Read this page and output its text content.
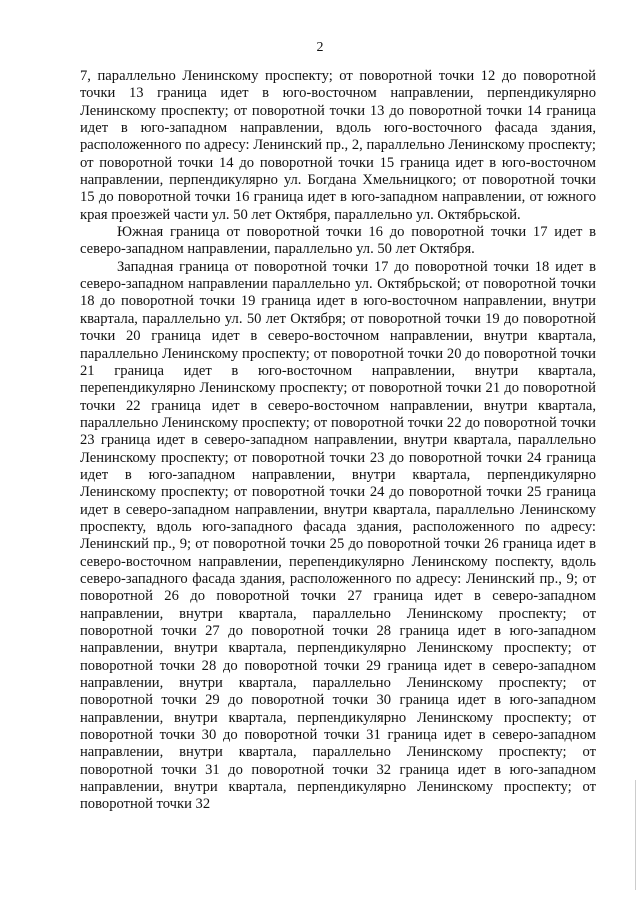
2

7, параллельно Ленинскому проспекту; от поворотной точки 12 до поворотной точки 13 граница идет в юго-восточном направлении, перпендикулярно Ленинскому проспекту; от поворотной точки 13 до поворотной точки 14 граница идет в юго-западном направлении, вдоль юго-восточного фасада здания, расположенного по адресу: Ленинский пр., 2, параллельно Ленинскому проспекту; от поворотной точки 14 до поворотной точки 15 граница идет в юго-восточном направлении, перпендикулярно ул. Богдана Хмельницкого; от поворотной точки 15 до поворотной точки 16 граница идет в юго-западном направлении, от южного края проезжей части ул. 50 лет Октября, параллельно ул. Октябрьской.

Южная граница от поворотной точки 16 до поворотной точки 17 идет в северо-западном направлении, параллельно ул. 50 лет Октября.

Западная граница от поворотной точки 17 до поворотной точки 18 идет в северо-западном направлении параллельно ул. Октябрьской; от поворотной точки 18 до поворотной точки 19 граница идет в юго-восточном направлении, внутри квартала, параллельно ул. 50 лет Октября; от поворотной точки 19 до поворотной точки 20 граница идет в северо-восточном направлении, внутри квартала, параллельно Ленинскому проспекту; от поворотной точки 20 до поворотной точки 21 граница идет в юго-восточном направлении, внутри квартала, перепендикулярно Ленинскому проспекту; от поворотной точки 21 до поворотной точки 22 граница идет в северо-восточном направлении, внутри квартала, параллельно Ленинскому проспекту; от поворотной точки 22 до поворотной точки 23 граница идет в северо-западном направлении, внутри квартала, параллельно Ленинскому проспекту; от поворотной точки 23 до поворотной точки 24 граница идет в юго-западном направлении, внутри квартала, перпендикулярно Ленинскому проспекту; от поворотной точки 24 до поворотной точки 25 граница идет в северо-западном направлении, внутри квартала, параллельно Ленинскому проспекту, вдоль юго-западного фасада здания, расположенного по адресу: Ленинский пр., 9; от поворотной точки 25 до поворотной точки 26 граница идет в северо-восточном направлении, перепендикулярно Ленинскому поспекту, вдоль северо-западного фасада здания, расположенного по адресу: Ленинский пр., 9; от поворотной 26 до поворотной точки 27 граница идет в северо-западном направлении, внутри квартала, параллельно Ленинскому проспекту; от поворотной точки 27 до поворотной точки 28 граница идет в юго-западном направлении, внутри квартала, перпендикулярно Ленинскому проспекту; от поворотной точки 28 до поворотной точки 29 граница идет в северо-западном направлении, внутри квартала, параллельно Ленинскому проспекту; от поворотной точки 29 до поворотной точки 30 граница идет в юго-западном направлении, внутри квартала, перпендикулярно Ленинскому проспекту; от поворотной точки 30 до поворотной точки 31 граница идет в северо-западном направлении, внутри квартала, параллельно Ленинскому проспекту; от поворотной точки 31 до поворотной точки 32 граница идет в юго-западном направлении, внутри квартала, перпендикулярно Ленинскому проспекту; от поворотной точки 32
